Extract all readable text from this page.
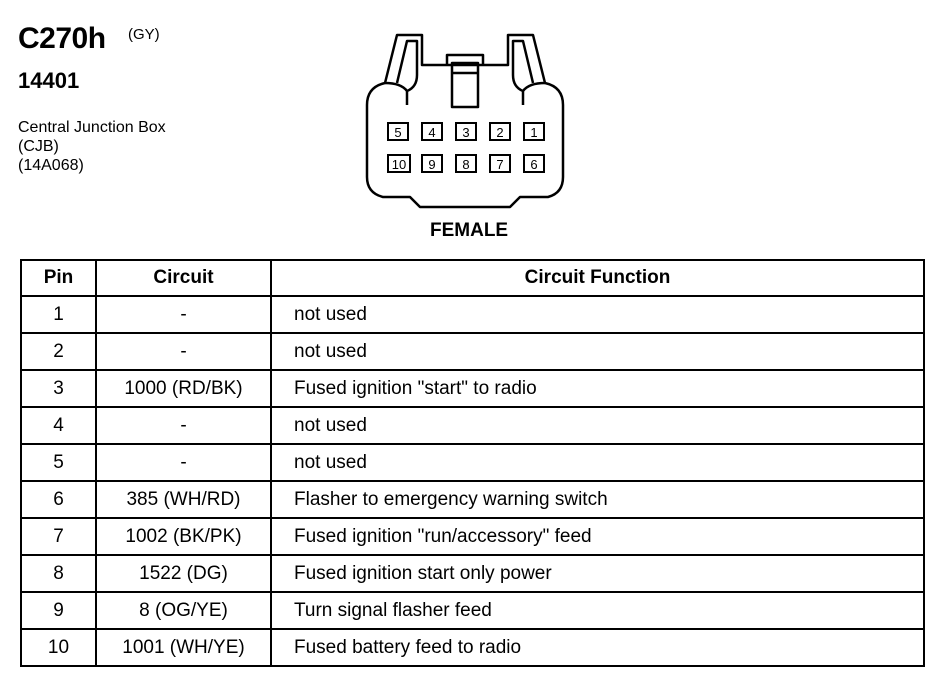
C270h (GY)
14401
Central Junction Box
(CJB)
(14A068)
5 4 3 2 1
10 9 8 7 6
FEMALE
Pin	Circuit	Circuit Function
1	-	not used
2	-	not used
3	1000 (RD/BK)	Fused ignition "start" to radio
4	-	not used
5	-	not used
6	385 (WH/RD)	Flasher to emergency warning switch
7	1002 (BK/PK)	Fused ignition "run/accessory" feed
8	1522 (DG)	Fused ignition start only power
9	8 (OG/YE)	Turn signal flasher feed
10	1001 (WH/YE)	Fused battery feed to radio
